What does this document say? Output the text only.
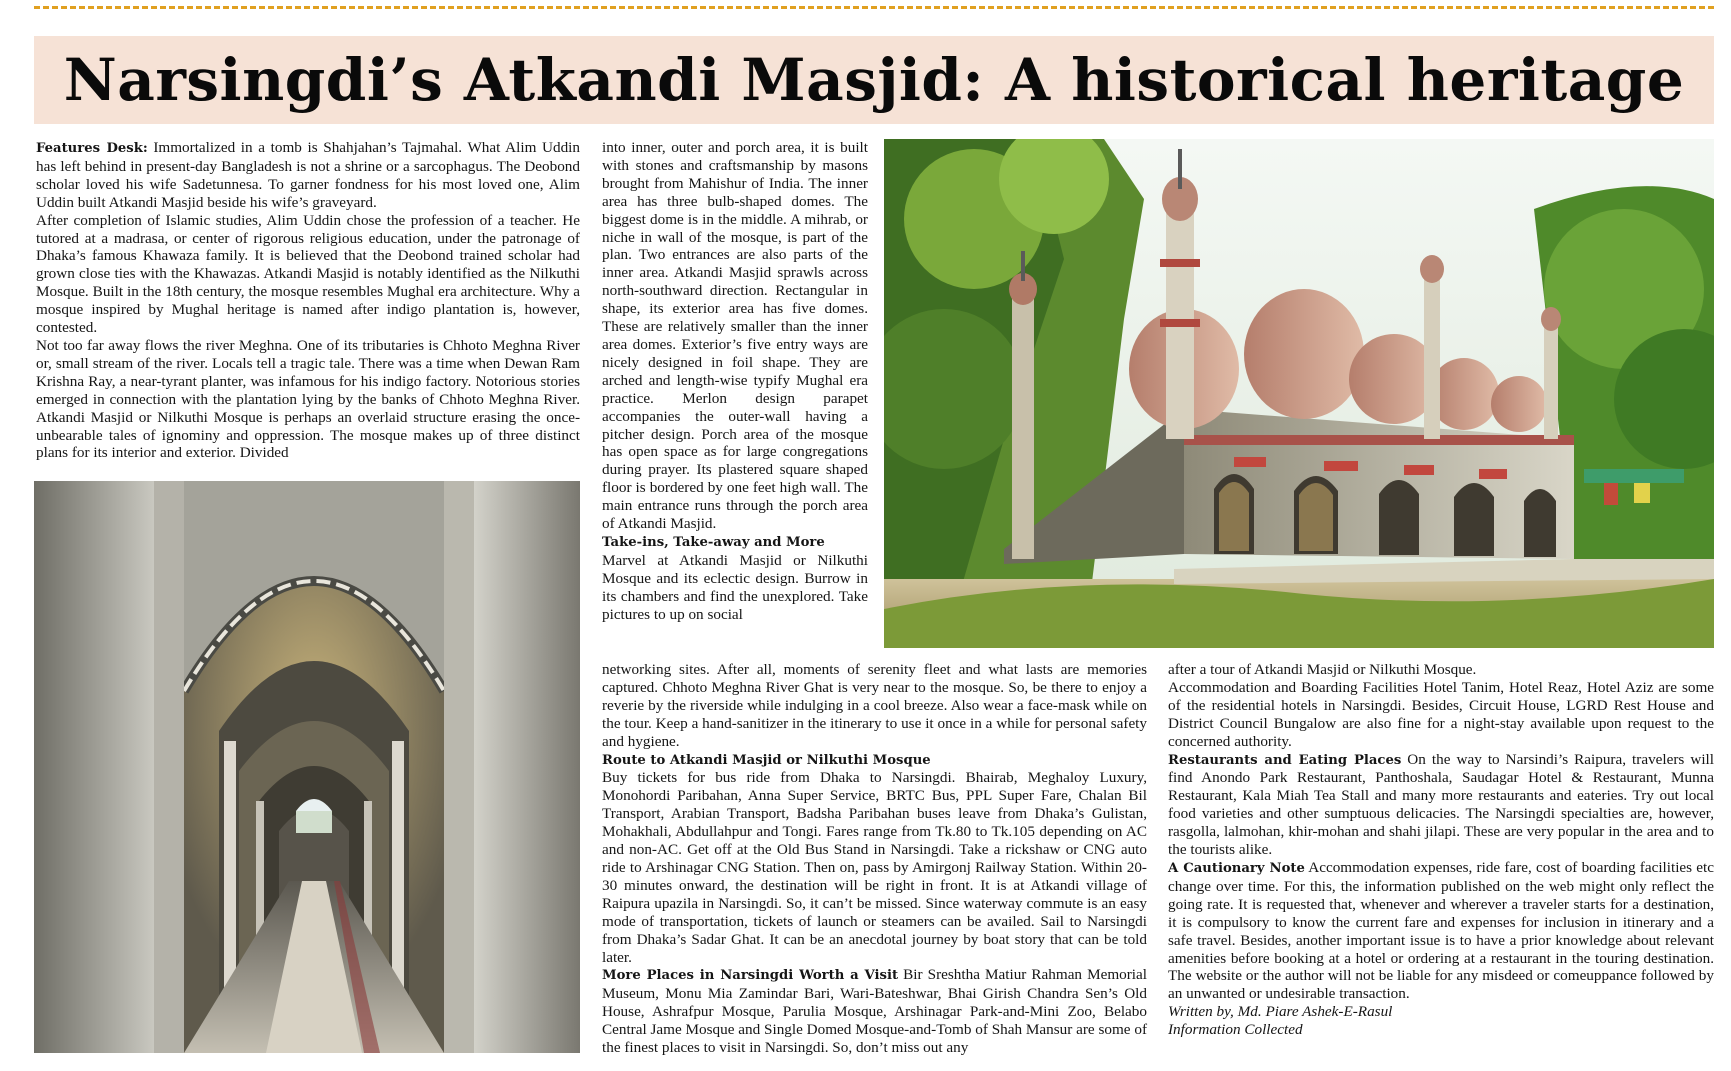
Narsingdi’s Atkandi Masjid: A historical heritage

Features Desk: Immortalized in a tomb is Shahjahan’s Tajmahal. What Alim Uddin has left behind in present-day Bangladesh is not a shrine or a sarcophagus. The Deobond scholar loved his wife Sadetunnesa. To garner fondness for his most loved one, Alim Uddin built Atkandi Masjid beside his wife’s graveyard.

After completion of Islamic studies, Alim Uddin chose the profession of a teacher. He tutored at a madrasa, or center of rigorous religious education, under the patronage of Dhaka’s famous Khawaza family. It is believed that the Deobond trained scholar had grown close ties with the Khawazas. Atkandi Masjid is notably identified as the Nilkuthi Mosque. Built in the 18th century, the mosque resembles Mughal era architecture. Why a mosque inspired by Mughal heritage is named after indigo plantation is, however, contested.

Not too far away flows the river Meghna. One of its tributaries is Chhoto Meghna River or, small stream of the river. Locals tell a tragic tale. There was a time when Dewan Ram Krishna Ray, a near-tyrant planter, was infamous for his indigo factory. Notorious stories emerged in connection with the plantation lying by the banks of Chhoto Meghna River. Atkandi Masjid or Nilkuthi Mosque is perhaps an overlaid structure erasing the once-unbearable tales of ignominy and oppression. The mosque makes up of three distinct plans for its interior and exterior. Divided

into inner, outer and porch area, it is built with stones and craftsmanship by masons brought from Mahishur of India. The inner area has three bulb-shaped domes. The biggest dome is in the middle. A mihrab, or niche in wall of the mosque, is part of the plan. Two entrances are also parts of the inner area. Atkandi Masjid sprawls across north-southward direction. Rectangular in shape, its exterior area has five domes. These are relatively smaller than the inner area domes. Exterior’s five entry ways are nicely designed in foil shape. They are arched and length-wise typify Mughal era practice. Merlon design parapet accompanies the outer-wall having a pitcher design. Porch area of the mosque has open space as for large congregations during prayer. Its plastered square shaped floor is bordered by one feet high wall. The main entrance runs through the porch area of Atkandi Masjid.

Take-ins, Take-away and More

Marvel at Atkandi Masjid or Nilkuthi Mosque and its eclectic design. Burrow in its chambers and find the unexplored. Take pictures to up on social

networking sites. After all, moments of serenity fleet and what lasts are memories captured. Chhoto Meghna River Ghat is very near to the mosque. So, be there to enjoy a reverie by the riverside while indulging in a cool breeze. Also wear a face-mask while on the tour. Keep a hand-sanitizer in the itinerary to use it once in a while for personal safety and hygiene.

Route to Atkandi Masjid or Nilkuthi Mosque

Buy tickets for bus ride from Dhaka to Narsingdi. Bhairab, Meghaloy Luxury, Monohordi Paribahan, Anna Super Service, BRTC Bus, PPL Super Fare, Chalan Bil Transport, Arabian Transport, Badsha Paribahan buses leave from Dhaka’s Gulistan, Mohakhali, Abdullahpur and Tongi. Fares range from Tk.80 to Tk.105 depending on AC and non-AC. Get off at the Old Bus Stand in Narsingdi. Take a rickshaw or CNG auto ride to Arshinagar CNG Station. Then on, pass by Amirgonj Railway Station. Within 20-30 minutes onward, the destination will be right in front. It is at Atkandi village of Raipura upazila in Narsingdi. So, it can’t be missed. Since waterway commute is an easy mode of transportation, tickets of launch or steamers can be availed. Sail to Narsingdi from Dhaka’s Sadar Ghat. It can be an anecdotal journey by boat story that can be told later.

More Places in Narsingdi Worth a Visit Bir Sreshtha Matiur Rahman Memorial Museum, Monu Mia Zamindar Bari, Wari-Bateshwar, Bhai Girish Chandra Sen’s Old House, Ashrafpur Mosque, Parulia Mosque, Arshinagar Park-and-Mini Zoo, Belabo Central Jame Mosque and Single Domed Mosque-and-Tomb of Shah Mansur are some of the finest places to visit in Narsingdi. So, don’t miss out any

after a tour of Atkandi Masjid or Nilkuthi Mosque.

Accommodation and Boarding Facilities Hotel Tanim, Hotel Reaz, Hotel Aziz are some of the residential hotels in Narsingdi. Besides, Circuit House, LGRD Rest House and District Council Bungalow are also fine for a night-stay available upon request to the concerned authority.

Restaurants and Eating Places On the way to Narsindi’s Raipura, travelers will find Anondo Park Restaurant, Panthoshala, Saudagar Hotel & Restaurant, Munna Restaurant, Kala Miah Tea Stall and many more restaurants and eateries. Try out local food varieties and other sumptuous delicacies. The Narsingdi specialties are, however, rasgolla, lalmohan, khir-mohan and shahi jilapi. These are very popular in the area and to the tourists alike.

A Cautionary Note Accommodation expenses, ride fare, cost of boarding facilities etc change over time. For this, the information published on the web might only reflect the going rate. It is requested that, whenever and wherever a traveler starts for a destination, it is compulsory to know the current fare and expenses for inclusion in itinerary and a safe travel. Besides, another important issue is to have a prior knowledge about relevant amenities before booking at a hotel or ordering at a restaurant in the touring destination. The website or the author will not be liable for any misdeed or comeuppance followed by an unwanted or undesirable transaction.

Written by, Md. Piare Ashek-E-Rasul

Information Collected
